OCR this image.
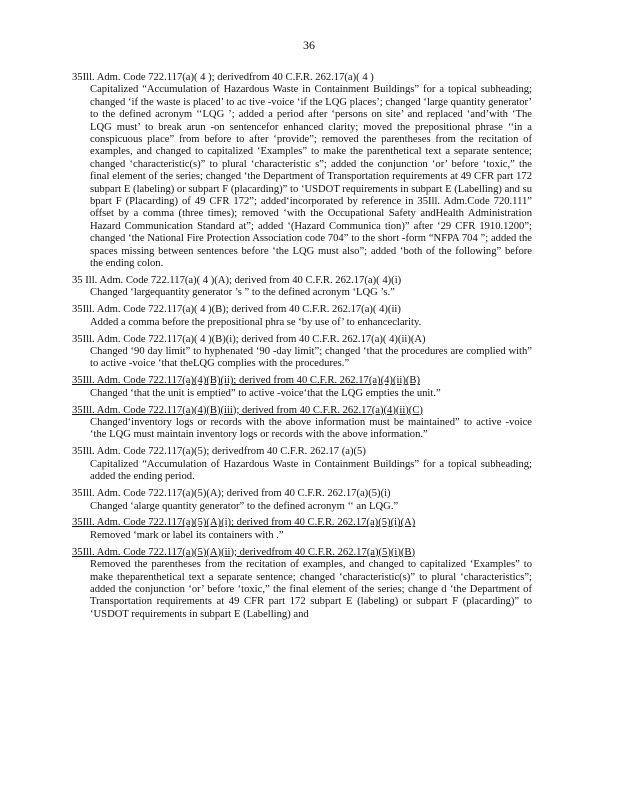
36
35Ill. Adm. Code 722.117(a)( 4 ); derivedfrom 40 C.F.R. 262.17(a)( 4 )
Capitalized “Accumulation of Hazardous Waste in Containment Buildings” for a topical subheading; changed ‘if the waste is placed’ to ac tive -voice ‘if the LQG places’; changed ‘large quantity generator’ to the defined acronym ‘‘LQG ’; added a period after ‘persons on site’ and replaced ‘and’with ‘The LQG must’ to break arun -on sentencefor enhanced clarity; moved the prepositional phrase ‘‘in a conspicuous place” from before to after ‘provide”; removed the parentheses from the recitation of examples, and changed to capitalized ‘Examples” to make the parenthetical text a separate sentence; changed ‘characteristic(s)” to plural ‘characteristic s”; added the conjunction ‘or’ before ‘toxic,” the final element of the series; changed ‘the Department of Transportation requirements at 49 CFR part 172 subpart E (labeling) or subpart F (placarding)” to ‘USDOT requirements in subpart E (Labelling) and su bpart F (Placarding) of 49 CFR 172”; added‘incorporated by reference in 35Ill. Adm.Code 720.111” offset by a comma (three times); removed ‘with the Occupational Safety andHealth Administration Hazard Communication Standard at”; added ‘(Hazard Communica tion)” after ‘29 CFR 1910.1200”; changed ‘the National Fire Protection Association code 704” to the short -form “NFPA 704 ”; added the spaces missing between sentences before ‘the LQG must also”; added ‘both of the following” before the ending colon.
35 Ill. Adm. Code 722.117(a)( 4 )(A); derived from 40 C.F.R. 262.17(a)( 4)(i)
Changed ‘largequantity generator ’s ” to the defined acronym ‘LQG ’s.”
35Ill. Adm. Code 722.117(a)( 4 )(B); derived from 40 C.F.R. 262.17(a)( 4)(ii)
Added a comma before the prepositional phra se ‘by use of’ to enhanceclarity.
35Ill. Adm. Code 722.117(a)( 4 )(B)(i); derived from 40 C.F.R. 262.17(a)( 4)(ii)(A)
Changed ‘90 day limit” to hyphenated ‘90 -day limit”; changed ‘that the procedures are complied with” to active -voice ‘that theLQG complies with the procedures.”
35Ill. Adm. Code 722.117(a)(4)(B)(ii); derived from 40 C.F.R. 262.17(a)(4)(ii)(B)
Changed ‘that the unit is emptied” to active -voice‘that the LQG empties the unit.”
35Ill. Adm. Code 722.117(a)(4)(B)(iii); derived from 40 C.F.R. 262.17(a)(4)(ii)(C)
Changed‘inventory logs or records with the above information must be maintained” to active -voice ‘the LQG must maintain inventory logs or records with the above information.”
35Ill. Adm. Code 722.117(a)(5); derivedfrom 40 C.F.R. 262.17 (a)(5)
Capitalized “Accumulation of Hazardous Waste in Containment Buildings” for a topical subheading; added the ending period.
35Ill. Adm. Code 722.117(a)(5)(A); derived from 40 C.F.R. 262.17(a)(5)(i)
Changed ‘alarge quantity generator” to the defined acronym ‘‘ an LQG.”
35Ill. Adm. Code 722.117(a)(5)(A)(i); derived from 40 C.F.R. 262.17(a)(5)(i)(A)
Removed ‘mark or label its containers with .”
35Ill. Adm. Code 722.117(a)(5)(A)(ii); derivedfrom 40 C.F.R. 262.17(a)(5)(i)(B)
Removed the parentheses from the recitation of examples, and changed to capitalized ‘Examples” to make theparenthetical text a separate sentence; changed ‘characteristic(s)” to plural ‘characteristics”; added the conjunction ‘or’ before ‘toxic,” the final element of the series; change d ‘the Department of Transportation requirements at 49 CFR part 172 subpart E (labeling) or subpart F (placarding)” to ‘USDOT requirements in subpart E (Labelling) and
